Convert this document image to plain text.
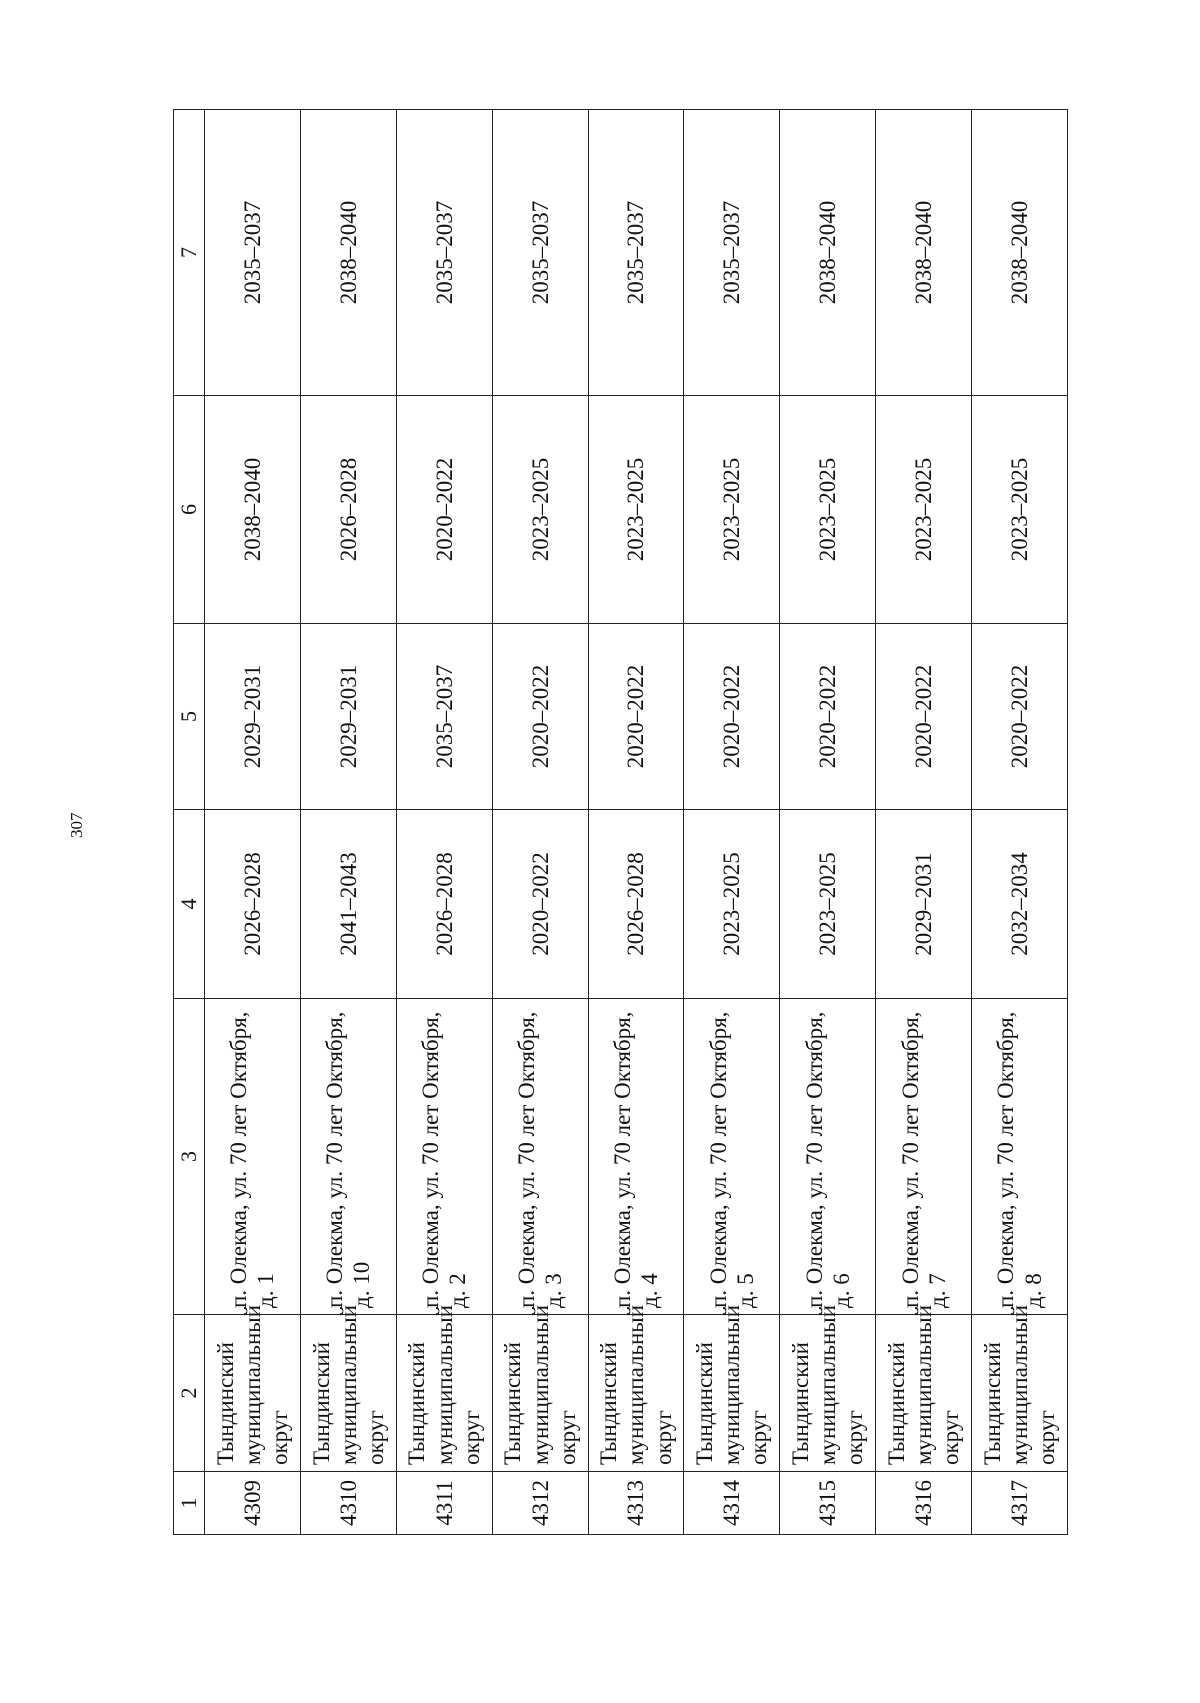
307
1	2	3	4	5	6	7
4309	Тындинский муниципальный округ	п. Олекма, ул. 70 лет Октября, д. 1	2026–2028	2029–2031	2038–2040	2035–2037
4310	Тындинский муниципальный округ	п. Олекма, ул. 70 лет Октября, д. 10	2041–2043	2029–2031	2026–2028	2038–2040
4311	Тындинский муниципальный округ	п. Олекма, ул. 70 лет Октября, д. 2	2026–2028	2035–2037	2020–2022	2035–2037
4312	Тындинский муниципальный округ	п. Олекма, ул. 70 лет Октября, д. 3	2020–2022	2020–2022	2023–2025	2035–2037
4313	Тындинский муниципальный округ	п. Олекма, ул. 70 лет Октября, д. 4	2026–2028	2020–2022	2023–2025	2035–2037
4314	Тындинский муниципальный округ	п. Олекма, ул. 70 лет Октября, д. 5	2023–2025	2020–2022	2023–2025	2035–2037
4315	Тындинский муниципальный округ	п. Олекма, ул. 70 лет Октября, д. 6	2023–2025	2020–2022	2023–2025	2038–2040
4316	Тындинский муниципальный округ	п. Олекма, ул. 70 лет Октября, д. 7	2029–2031	2020–2022	2023–2025	2038–2040
4317	Тындинский муниципальный округ	п. Олекма, ул. 70 лет Октября, д. 8	2032–2034	2020–2022	2023–2025	2038–2040
